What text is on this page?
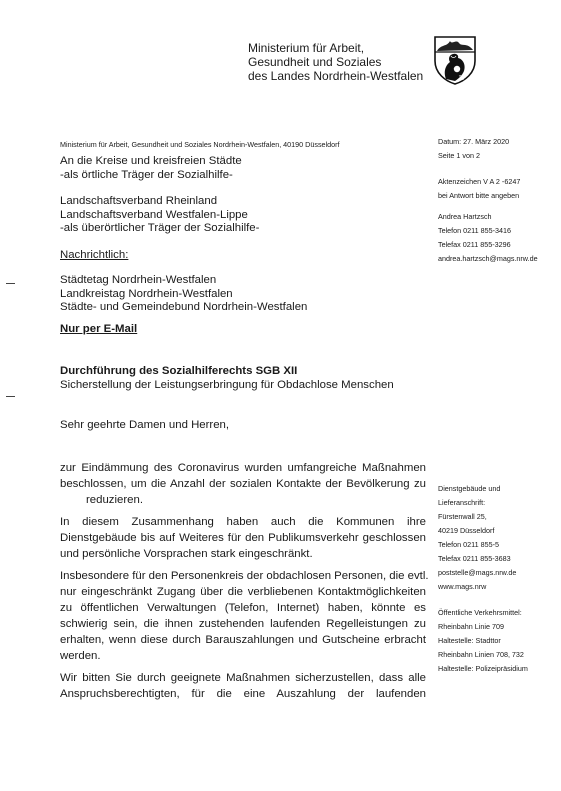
Ministerium für Arbeit,
Gesundheit und Soziales
des Landes Nordrhein-Westfalen
Ministerium für Arbeit, Gesundheit und Soziales Nordrhein-Westfalen, 40190 Düsseldorf
An die Kreise und kreisfreien Städte
-als örtliche Träger der Sozialhilfe-
Landschaftsverband Rheinland
Landschaftsverband Westfalen-Lippe
-als überörtlicher Träger der Sozialhilfe-
Nachrichtlich:
Städtetag Nordrhein-Westfalen
Landkreistag Nordrhein-Westfalen
Städte- und Gemeindebund Nordrhein-Westfalen
Nur per E-Mail
Durchführung des Sozialhilferechts SGB XII
Sicherstellung der Leistungserbringung für Obdachlose Menschen
Sehr geehrte Damen und Herren,
zur Eindämmung des Coronavirus wurden umfangreiche Maßnahmen
beschlossen, um die Anzahl der sozialen Kontakte der Bevölkerung zu
reduzieren.
In diesem Zusammenhang haben auch die Kommunen ihre
Dienstgebäude bis auf Weiteres für den Publikumsverkehr geschlossen
und persönliche Vorsprachen stark eingeschränkt.
Insbesondere für den Personenkreis der obdachlosen Personen, die evtl.
nur eingeschränkt Zugang über die verbliebenen Kontaktmöglichkeiten
zu öffentlichen Verwaltungen (Telefon, Internet) haben, könnte es
schwierig sein, die ihnen zustehenden laufenden Regelleistungen zu
erhalten, wenn diese durch Barauszahlungen und Gutscheine erbracht
werden.
Wir bitten Sie durch geeignete Maßnahmen sicherzustellen, dass alle
Anspruchsberechtigten, für die eine Auszahlung der laufenden
Datum: 27. März 2020
Seite 1 von 2
Aktenzeichen V A 2 -6247
bei Antwort bitte angeben
Andrea Hartzsch
Telefon 0211 855-3416
Telefax 0211 855-3296
andrea.hartzsch@mags.nrw.de
Dienstgebäude und
Lieferanschrift:
Fürstenwall 25,
40219 Düsseldorf
Telefon 0211 855-5
Telefax 0211 855-3683
poststelle@mags.nrw.de
www.mags.nrw
Öffentliche Verkehrsmittel:
Rheinbahn Linie 709
Haltestelle: Stadttor
Rheinbahn Linien 708, 732
Haltestelle: Polizeipräsidium
